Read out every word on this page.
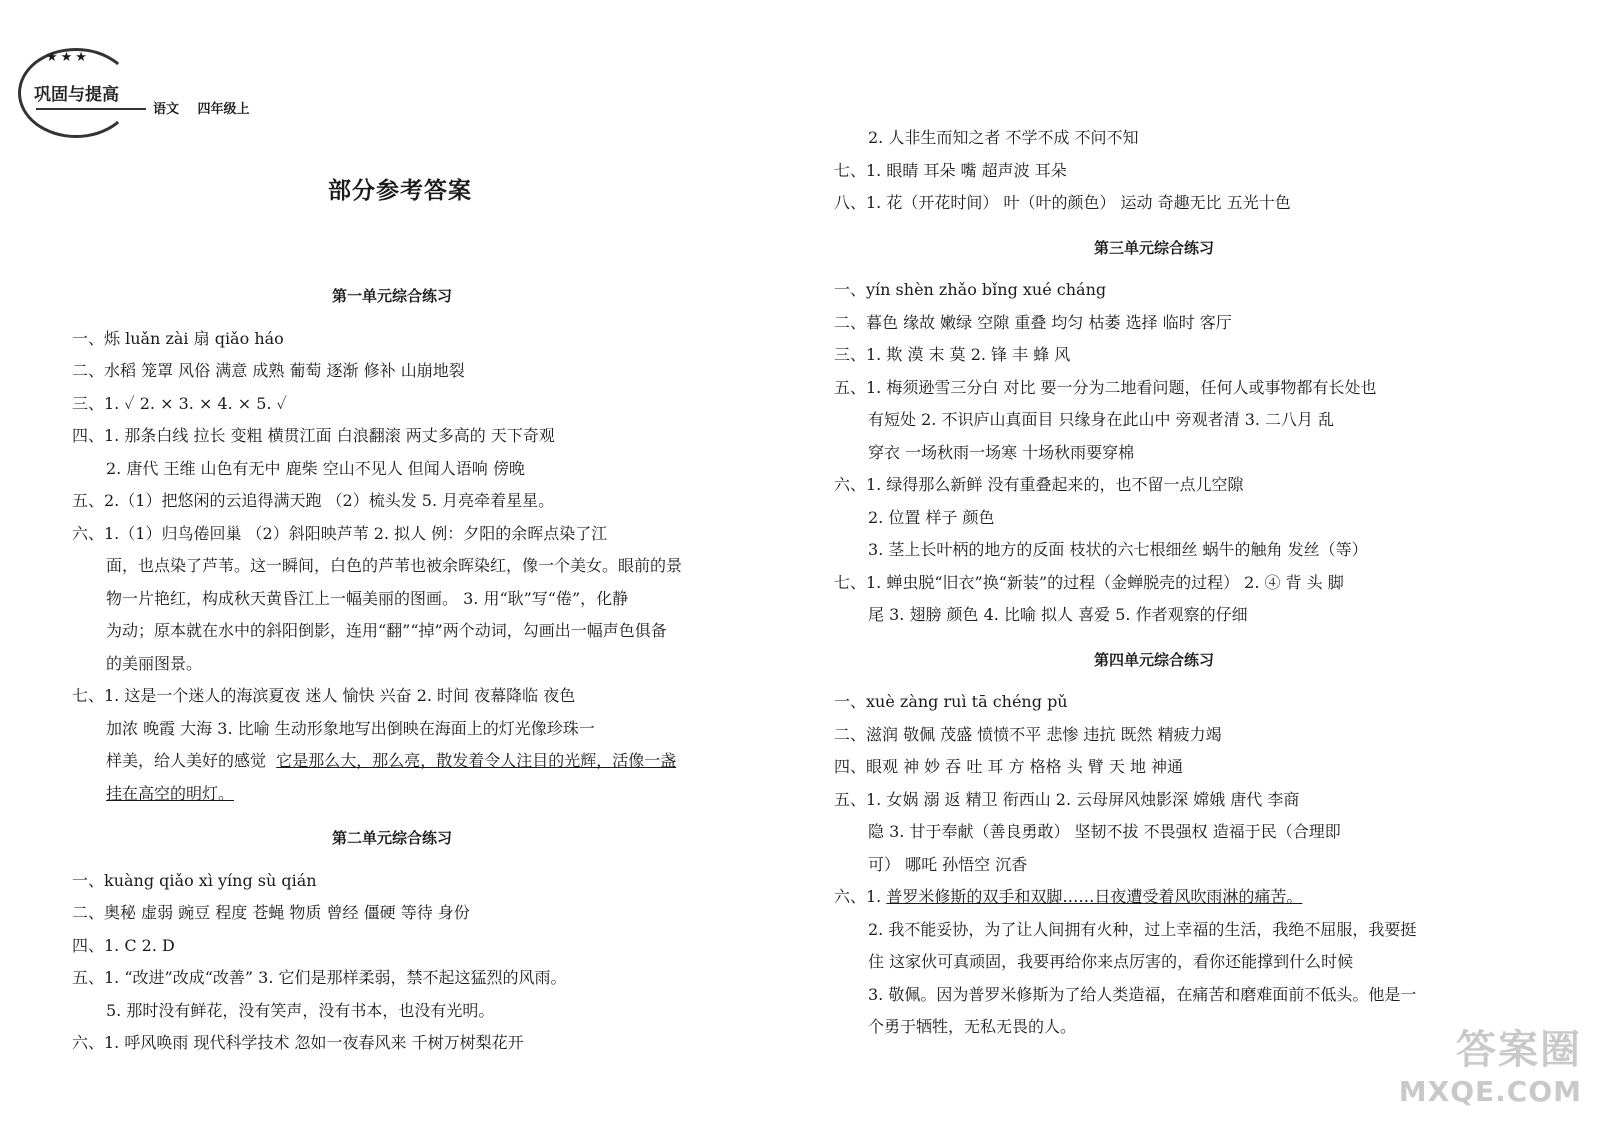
★★★
巩固与提高
语文 四年级上
部分参考答案
第一单元综合练习
一、烁 luǎn zài 扇 qiǎo háo
二、水稻 笼罩 风俗 满意 成熟 葡萄 逐渐 修补 山崩地裂
三、1. ✓ 2. × 3. × 4. × 5. ✓
四、1. 那条白线 拉长 变粗 横贯江面 白浪翻滚 两丈多高的 天下奇观
2. 唐代 王维 山色有无中 鹿柴 空山不见人 但闻人语响 傍晚
五、2.（1）把悠闲的云追得满天跑 （2）梳头发 5. 月亮牵着星星。
六、1.（1）归鸟倦回巢 （2）斜阳映芦苇 2. 拟人 例：夕阳的余晖点染了江
面，也点染了芦苇。这一瞬间，白色的芦苇也被余晖染红，像一个美女。眼前的景
物一片艳红，构成秋天黄昏江上一幅美丽的图画。 3. 用“耿”写“倦”，化静
为动；原本就在水中的斜阳倒影，连用“翻”“掉”两个动词，勾画出一幅声色俱备
的美丽图景。
七、1. 这是一个迷人的海滨夏夜 迷人 愉快 兴奋 2. 时间 夜幕降临 夜色
加浓 晚霞 大海 3. 比喻 生动形象地写出倒映在海面上的灯光像珍珠一
样美，给人美好的感觉 它是那么大，那么亮，散发着令人注目的光辉，活像一盏
挂在高空的明灯。
第二单元综合练习
一、kuàng qiǎo xì yíng sù qián
二、奥秘 虚弱 豌豆 程度 苍蝇 物质 曾经 僵硬 等待 身份
四、1. C 2. D
五、1. “改进”改成“改善” 3. 它们是那样柔弱，禁不起这猛烈的风雨。
5. 那时没有鲜花，没有笑声，没有书本，也没有光明。
六、1. 呼风唤雨 现代科学技术 忽如一夜春风来 千树万树梨花开
2. 人非生而知之者 不学不成 不问不知
七、1. 眼睛 耳朵 嘴 超声波 耳朵
八、1. 花（开花时间） 叶（叶的颜色） 运动 奇趣无比 五光十色
第三单元综合练习
一、yín shèn zhǎo bǐng xué cháng
二、暮色 缘故 嫩绿 空隙 重叠 均匀 枯萎 选择 临时 客厅
三、1. 欺 漠 末 莫 2. 锋 丰 蜂 风
五、1. 梅须逊雪三分白 对比 要一分为二地看问题，任何人或事物都有长处也
有短处 2. 不识庐山真面目 只缘身在此山中 旁观者清 3. 二八月 乱
穿衣 一场秋雨一场寒 十场秋雨要穿棉
六、1. 绿得那么新鲜 没有重叠起来的，也不留一点儿空隙
2. 位置 样子 颜色
3. 茎上长叶柄的地方的反面 枝状的六七根细丝 蜗牛的触角 发丝（等）
七、1. 蝉虫脱“旧衣”换“新装”的过程（金蝉脱壳的过程） 2. ④ 背 头 脚
尾 3. 翅膀 颜色 4. 比喻 拟人 喜爱 5. 作者观察的仔细
第四单元综合练习
一、xuè zàng ruì tā chéng pǔ
二、滋润 敬佩 茂盛 愤愤不平 悲惨 违抗 既然 精疲力竭
四、眼观 神 妙 吞 吐 耳 方 格格 头 臂 天 地 神通
五、1. 女娲 溺 返 精卫 衔西山 2. 云母屏风烛影深 嫦娥 唐代 李商
隐 3. 甘于奉献（善良勇敢） 坚韧不拔 不畏强权 造福于民（合理即
可） 哪吒 孙悟空 沉香
六、1. 普罗米修斯的双手和双脚……日夜遭受着风吹雨淋的痛苦。
2. 我不能妥协，为了让人间拥有火种，过上幸福的生活，我绝不屈服，我要挺
住 这家伙可真顽固，我要再给你来点厉害的，看你还能撑到什么时候
3. 敬佩。因为普罗米修斯为了给人类造福，在痛苦和磨难面前不低头。他是一
个勇于牺牲，无私无畏的人。
答案圈
MXQE.COM
